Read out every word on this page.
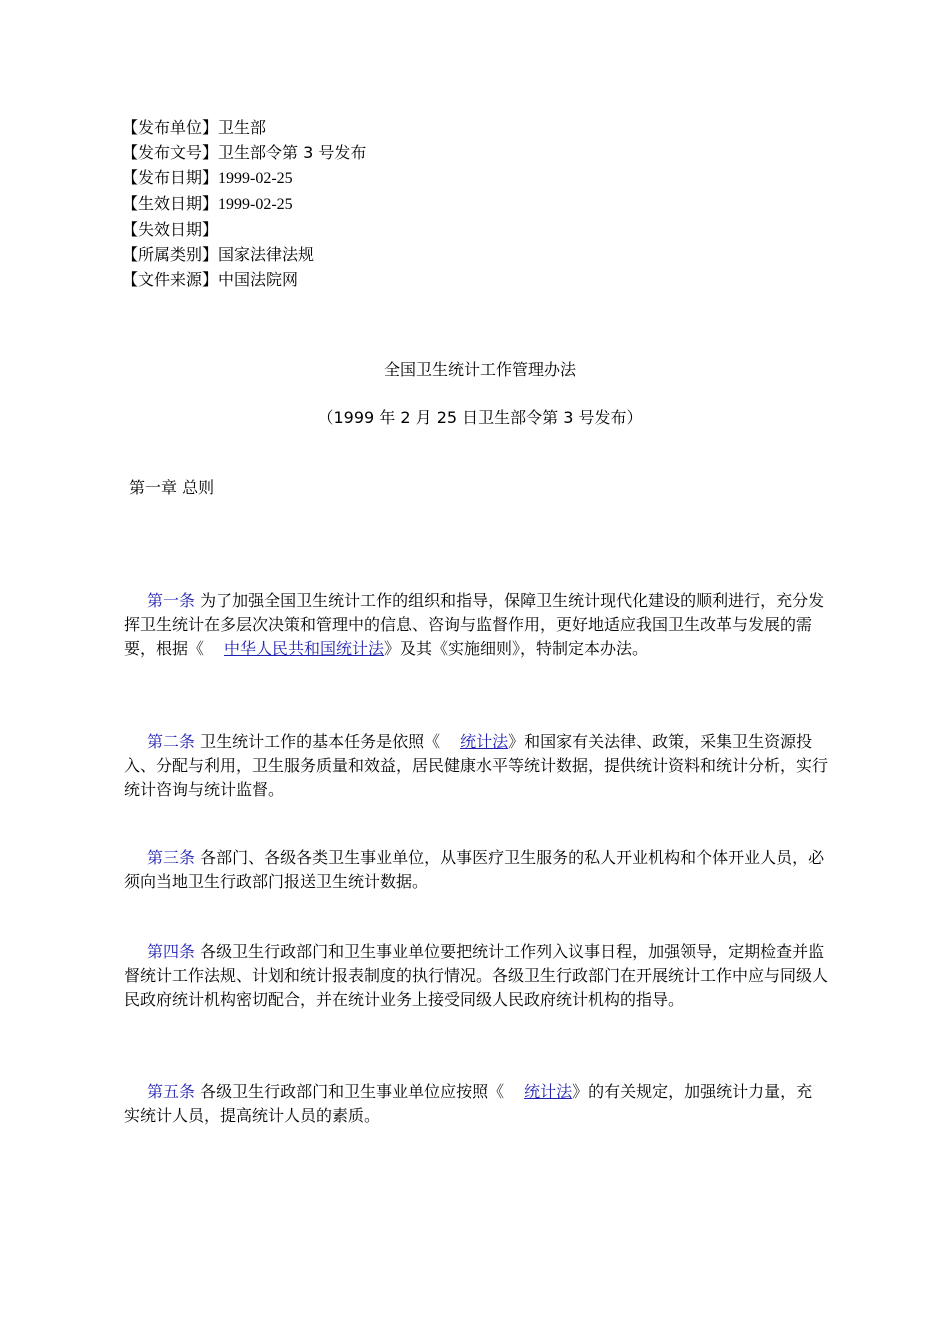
【发布单位】卫生部
【发布文号】卫生部令第 3 号发布
【发布日期】1999-02-25
【生效日期】1999-02-25
【失效日期】
【所属类别】国家法律法规
【文件来源】中国法院网
全国卫生统计工作管理办法
（1999 年 2 月 25 日卫生部令第 3 号发布）
第一章 总则
第一条 为了加强全国卫生统计工作的组织和指导，保障卫生统计现代化建设的顺利进行，充分发挥卫生统计在多层次决策和管理中的信息、咨询与监督作用，更好地适应我国卫生改革与发展的需要，根据《 中华人民共和国统计法》及其《实施细则》，特制定本办法。
第二条 卫生统计工作的基本任务是依照《 统计法》和国家有关法律、政策，采集卫生资源投入、分配与利用，卫生服务质量和效益，居民健康水平等统计数据，提供统计资料和统计分析，实行统计咨询与统计监督。
第三条 各部门、各级各类卫生事业单位，从事医疗卫生服务的私人开业机构和个体开业人员，必须向当地卫生行政部门报送卫生统计数据。
第四条 各级卫生行政部门和卫生事业单位要把统计工作列入议事日程，加强领导，定期检查并监督统计工作法规、计划和统计报表制度的执行情况。各级卫生行政部门在开展统计工作中应与同级人民政府统计机构密切配合，并在统计业务上接受同级人民政府统计机构的指导。
第五条 各级卫生行政部门和卫生事业单位应按照《 统计法》的有关规定，加强统计力量，充实统计人员，提高统计人员的素质。
